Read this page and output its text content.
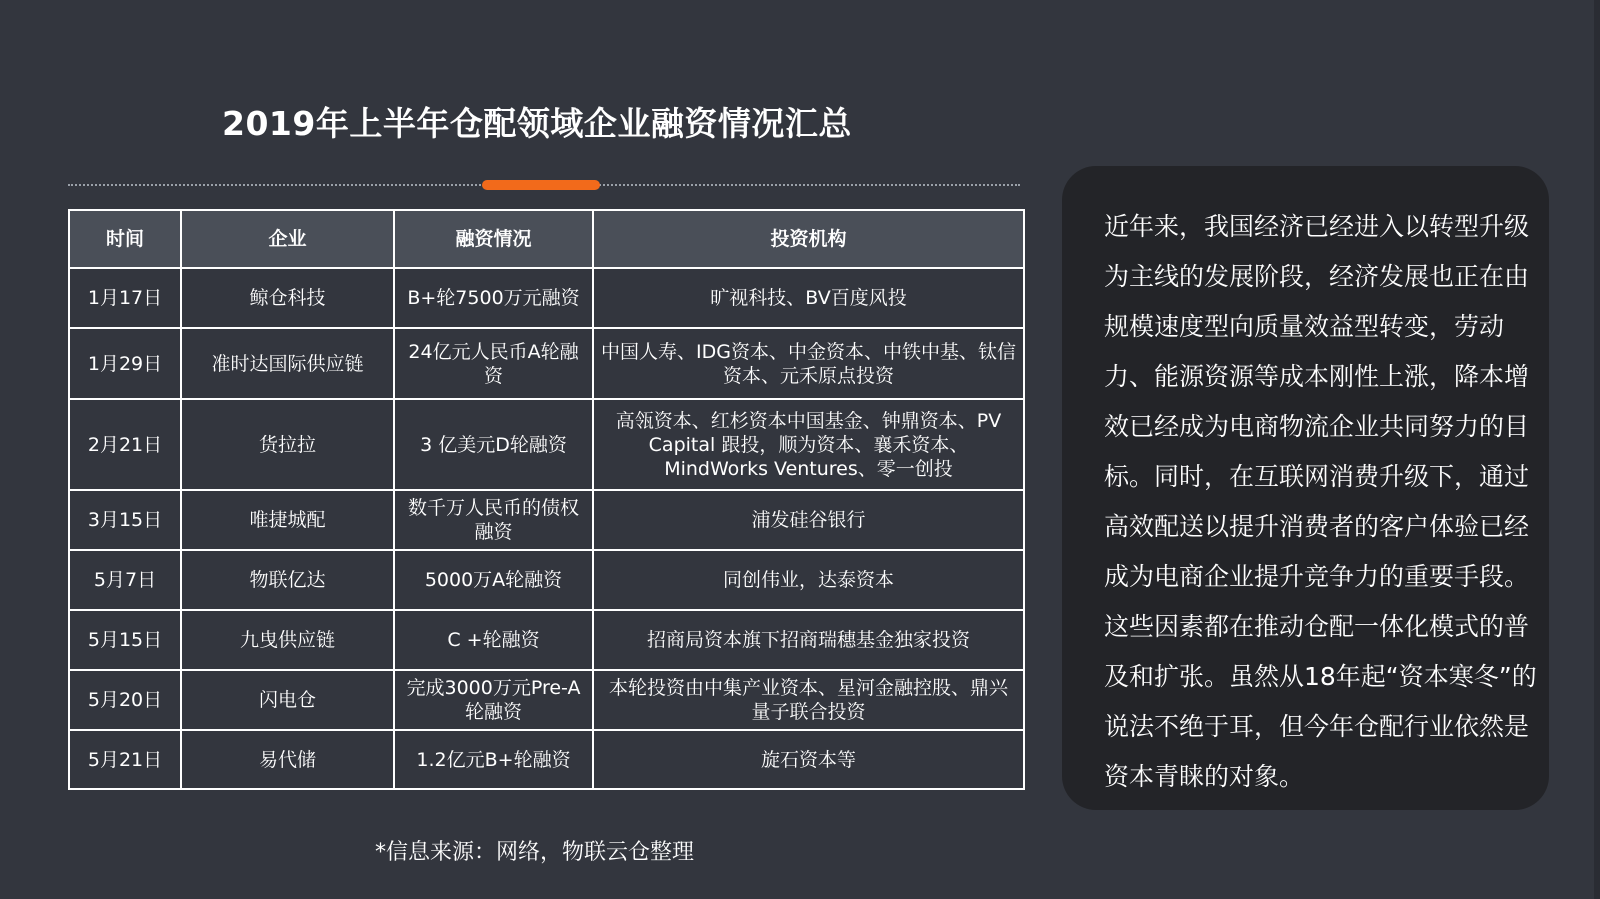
2019年上半年仓配领域企业融资情况汇总
时间	企业	融资情况	投资机构
1月17日	鲸仓科技	B+轮7500万元融资	旷视科技、BV百度风投
1月29日	准时达国际供应链	24亿元人民币A轮融资	中国人寿、IDG资本、中金资本、中铁中基、钛信资本、元禾原点投资
2月21日	货拉拉	3 亿美元D轮融资	高瓴资本、红杉资本中国基金、钟鼎资本、PV Capital 跟投，顺为资本、襄禾资本、MindWorks Ventures、零一创投
3月15日	唯捷城配	数千万人民币的债权融资	浦发硅谷银行
5月7日	物联亿达	5000万A轮融资	同创伟业，达泰资本
5月15日	九曳供应链	C +轮融资	招商局资本旗下招商瑞穗基金独家投资
5月20日	闪电仓	完成3000万元Pre-A轮融资	本轮投资由中集产业资本、星河金融控股、鼎兴量子联合投资
5月21日	易代储	1.2亿元B+轮融资	旋石资本等
*信息来源：网络，物联云仓整理

近年来，我国经济已经进入以转型升级为主线的发展阶段，经济发展也正在由规模速度型向质量效益型转变，劳动力、能源资源等成本刚性上涨，降本增效已经成为电商物流企业共同努力的目标。同时，在互联网消费升级下，通过高效配送以提升消费者的客户体验已经成为电商企业提升竞争力的重要手段。这些因素都在推动仓配一体化模式的普及和扩张。虽然从18年起“资本寒冬”的说法不绝于耳，但今年仓配行业依然是资本青睐的对象。
